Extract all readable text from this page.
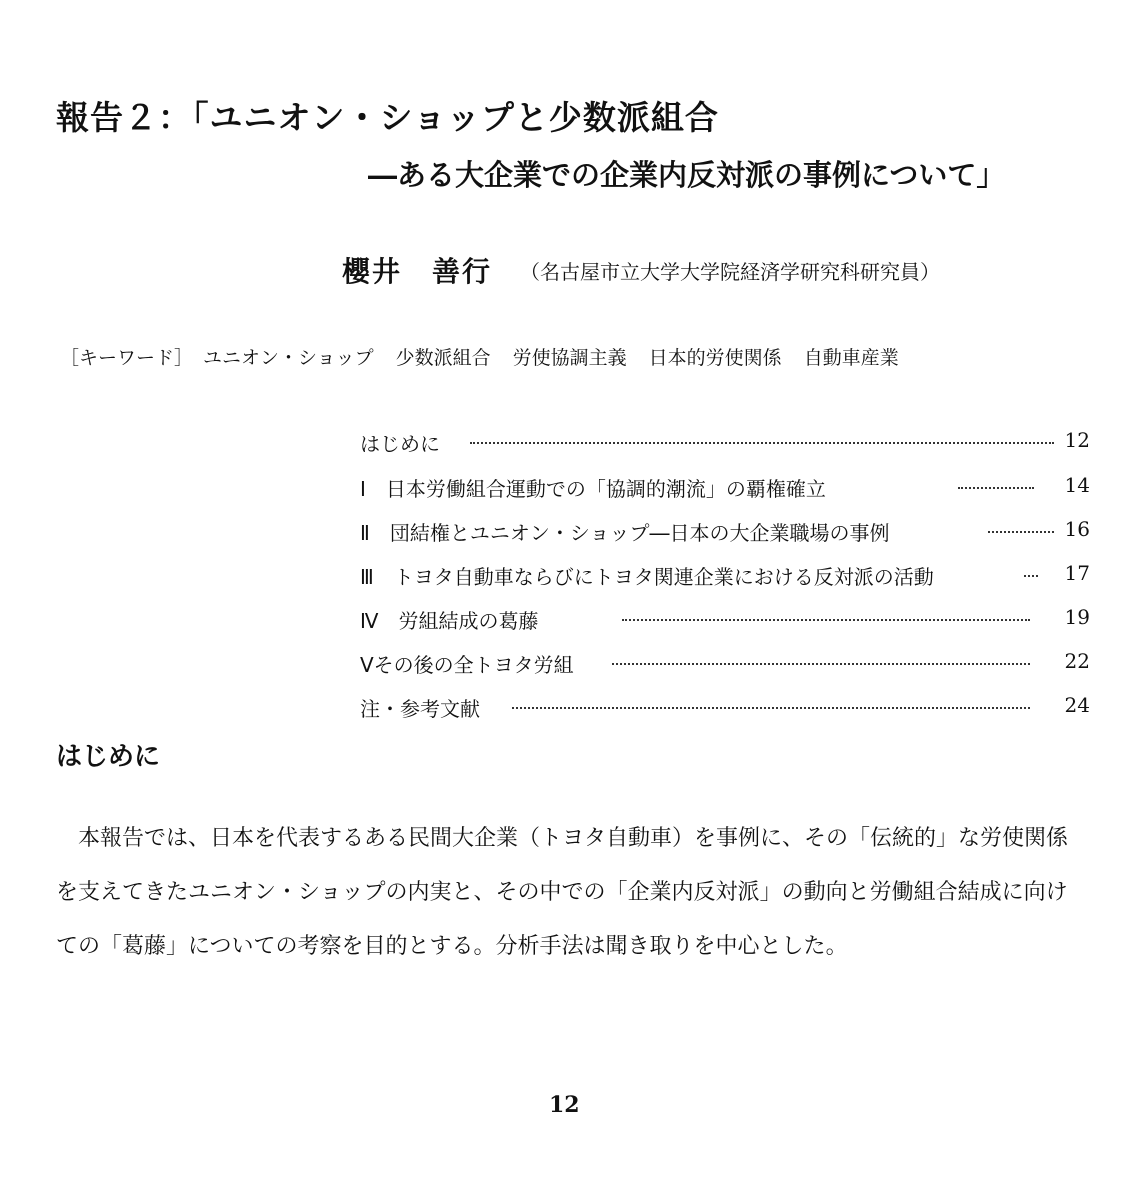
報告２：「ユニオン・ショップと少数派組合
―ある大企業での企業内反対派の事例について」
櫻井　善行 （名古屋市立大学大学院経済学研究科研究員）
［キーワード］ ユニオン・ショップ 少数派組合 労使協調主義 日本的労使関係 自動車産業
はじめに	12
Ⅰ　日本労働組合運動での「協調的潮流」の覇権確立	14
Ⅱ　団結権とユニオン・ショップ―日本の大企業職場の事例	16
Ⅲ　トヨタ自動車ならびにトヨタ関連企業における反対派の活動	17
Ⅳ　労組結成の葛藤	19
Ⅴその後の全トヨタ労組	22
注・参考文献	24
はじめに

本報告では、日本を代表するある民間大企業（トヨタ自動車）を事例に、その「伝統的」な労使関係を支えてきたユニオン・ショップの内実と、その中での「企業内反対派」の動向と労働組合結成に向けての「葛藤」についての考察を目的とする。分析手法は聞き取りを中心とした。

12
